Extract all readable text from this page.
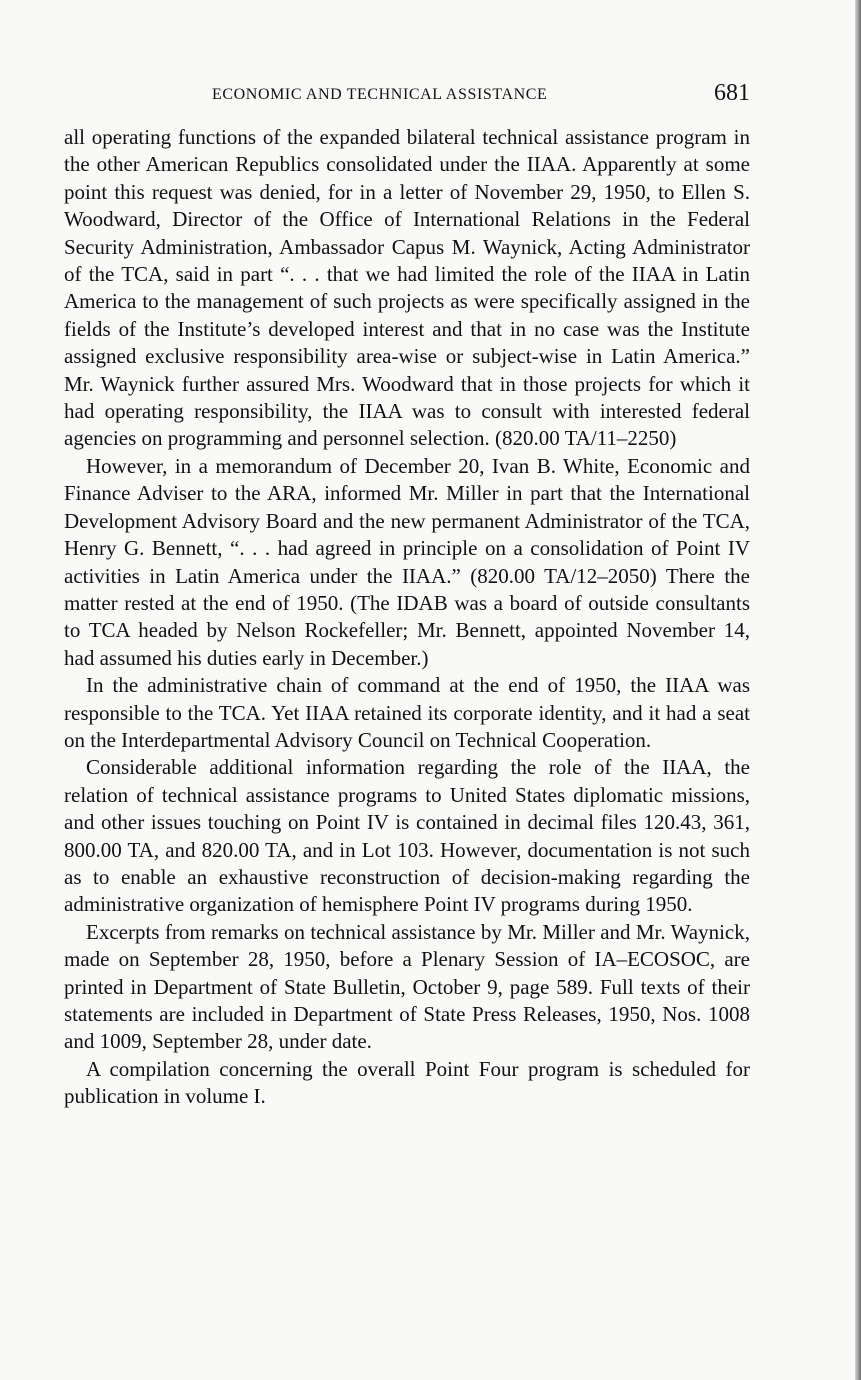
ECONOMIC AND TECHNICAL ASSISTANCE	681

all operating functions of the expanded bilateral technical assistance program in the other American Republics consolidated under the IIAA. Apparently at some point this request was denied, for in a letter of November 29, 1950, to Ellen S. Woodward, Director of the Office of International Relations in the Federal Security Administration, Ambassador Capus M. Waynick, Acting Administrator of the TCA, said in part “. . . that we had limited the role of the IIAA in Latin America to the management of such projects as were specifically assigned in the fields of the Institute’s developed interest and that in no case was the Institute assigned exclusive responsibility area-wise or subject-wise in Latin America.” Mr. Waynick further assured Mrs. Woodward that in those projects for which it had operating responsibility, the IIAA was to consult with interested federal agencies on programming and personnel selection. (820.00 TA/11–2250)

However, in a memorandum of December 20, Ivan B. White, Economic and Finance Adviser to the ARA, informed Mr. Miller in part that the International Development Advisory Board and the new permanent Administrator of the TCA, Henry G. Bennett, “. . . had agreed in principle on a consolidation of Point IV activities in Latin America under the IIAA.” (820.00 TA/12–2050) There the matter rested at the end of 1950. (The IDAB was a board of outside consultants to TCA headed by Nelson Rockefeller; Mr. Bennett, appointed November 14, had assumed his duties early in December.)

In the administrative chain of command at the end of 1950, the IIAA was responsible to the TCA. Yet IIAA retained its corporate identity, and it had a seat on the Interdepartmental Advisory Council on Technical Cooperation.

Considerable additional information regarding the role of the IIAA, the relation of technical assistance programs to United States diplomatic missions, and other issues touching on Point IV is contained in decimal files 120.43, 361, 800.00 TA, and 820.00 TA, and in Lot 103. However, documentation is not such as to enable an exhaustive reconstruction of decision-making regarding the administrative organization of hemisphere Point IV programs during 1950.

Excerpts from remarks on technical assistance by Mr. Miller and Mr. Waynick, made on September 28, 1950, before a Plenary Session of IA–ECOSOC, are printed in Department of State Bulletin, October 9, page 589. Full texts of their statements are included in Department of State Press Releases, 1950, Nos. 1008 and 1009, September 28, under date.

A compilation concerning the overall Point Four program is scheduled for publication in volume I.
